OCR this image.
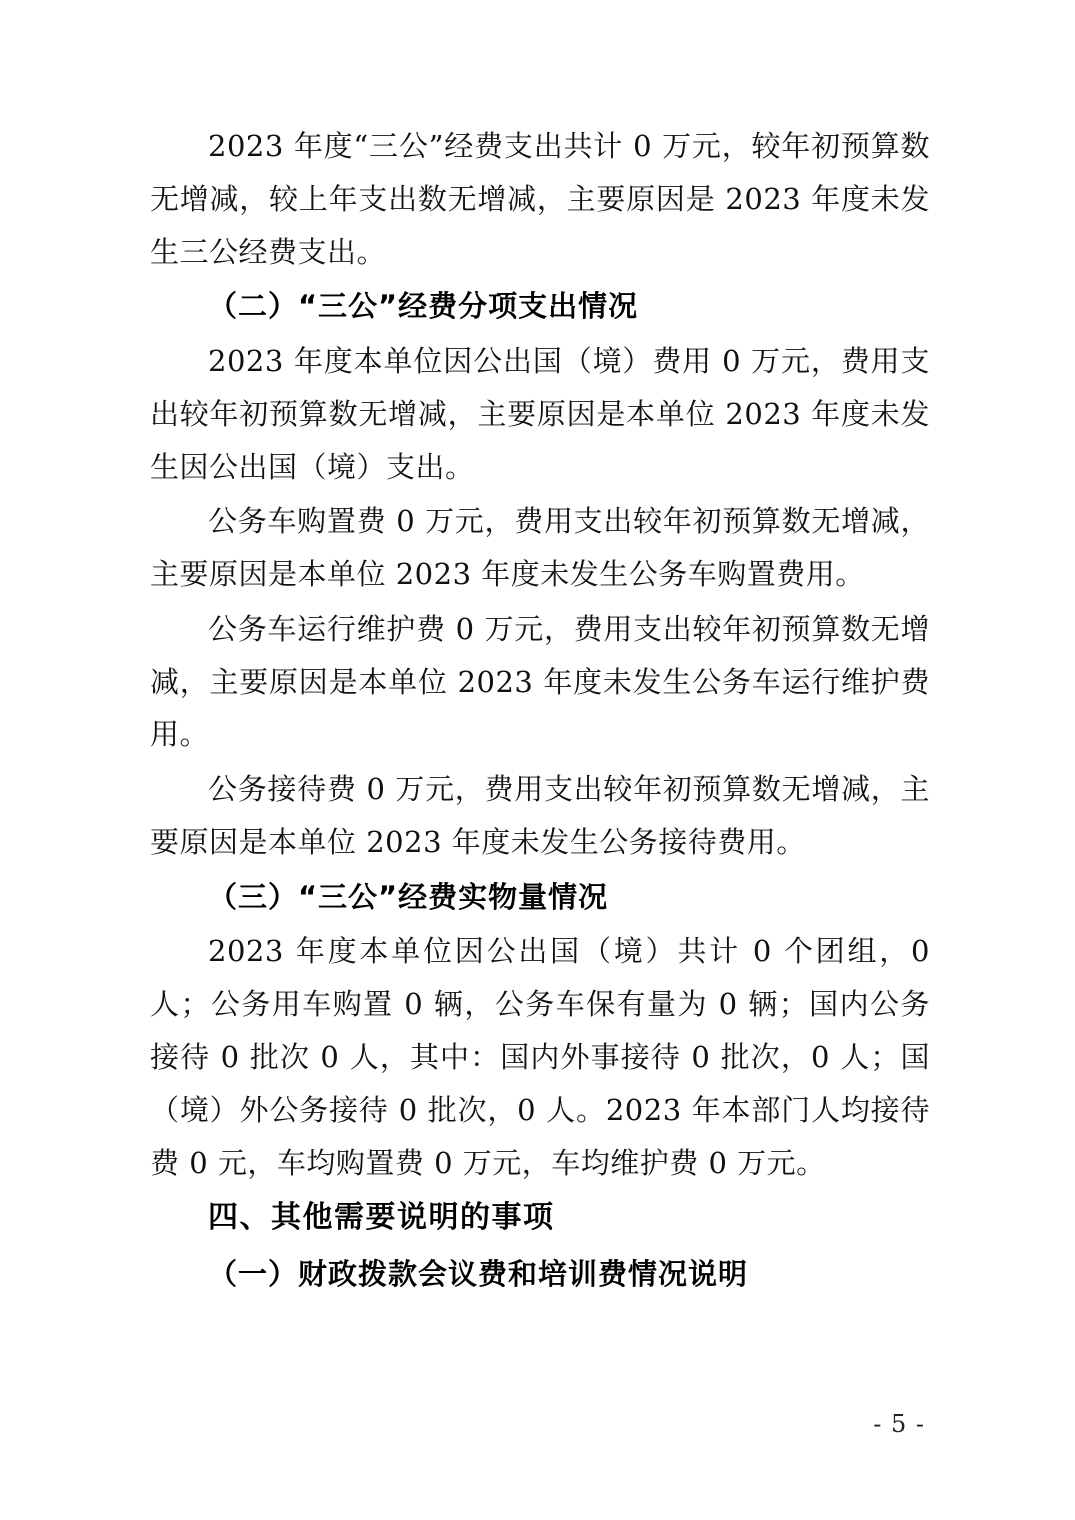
2023 年度“三公”经费支出共计 0 万元，较年初预算数无增减，较上年支出数无增减，主要原因是 2023 年度未发生三公经费支出。

（二）“三公”经费分项支出情况

2023 年度本单位因公出国（境）费用 0 万元，费用支出较年初预算数无增减，主要原因是本单位 2023 年度未发生因公出国（境）支出。

公务车购置费 0 万元，费用支出较年初预算数无增减，主要原因是本单位 2023 年度未发生公务车购置费用。

公务车运行维护费 0 万元，费用支出较年初预算数无增减，主要原因是本单位 2023 年度未发生公务车运行维护费用。

公务接待费 0 万元，费用支出较年初预算数无增减，主要原因是本单位 2023 年度未发生公务接待费用。

（三）“三公”经费实物量情况

2023 年度本单位因公出国（境）共计 0 个团组，0 人；公务用车购置 0 辆，公务车保有量为 0 辆；国内公务接待 0 批次 0 人，其中：国内外事接待 0 批次，0 人；国（境）外公务接待 0 批次，0 人。2023 年本部门人均接待费 0 元，车均购置费 0 万元，车均维护费 0 万元。

四、其他需要说明的事项
（一）财政拨款会议费和培训费情况说明
- 5 -
